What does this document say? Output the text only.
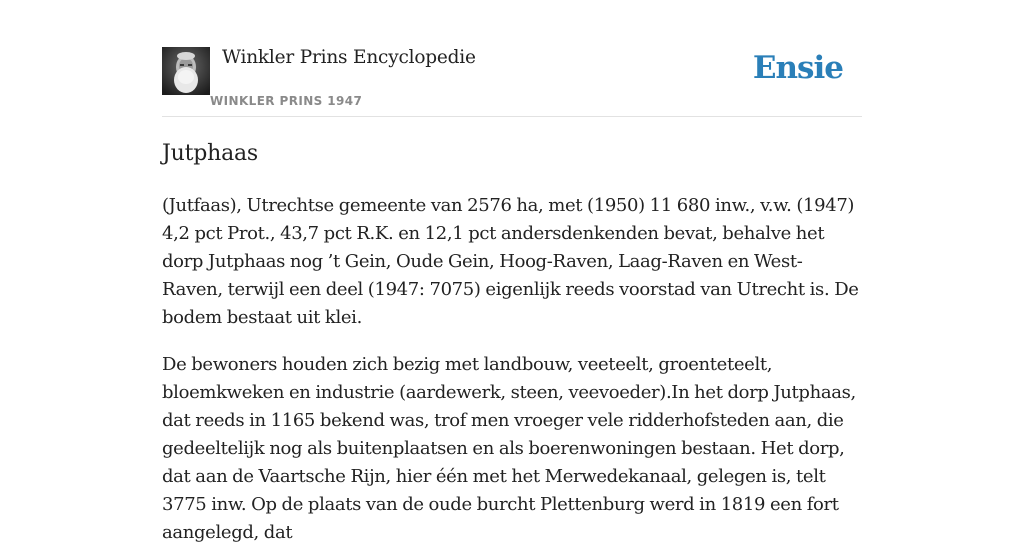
Winkler Prins Encyclopedie
WINKLER PRINS 1947
Ensie
Jutphaas

(Jutfaas), Utrechtse gemeente van 2576 ha, met (1950) 11 680 inw., v.w. (1947) 4,2 pct Prot., 43,7 pct R.K. en 12,1 pct andersdenkenden bevat, behalve het dorp Jutphaas nog ’t Gein, Oude Gein, Hoog-Raven, Laag-Raven en West-Raven, terwijl een deel (1947: 7075) eigenlijk reeds voorstad van Utrecht is. De bodem bestaat uit klei.

De bewoners houden zich bezig met landbouw, veeteelt, groenteteelt, bloemkweken en industrie (aardewerk, steen, veevoeder).In het dorp Jutphaas, dat reeds in 1165 bekend was, trof men vroeger vele ridderhofsteden aan, die gedeeltelijk nog als buitenplaatsen en als boerenwoningen bestaan. Het dorp, dat aan de Vaartsche Rijn, hier één met het Merwedekanaal, gelegen is, telt 3775 inw. Op de plaats van de oude burcht Plettenburg werd in 1819 een fort aangelegd, dat
